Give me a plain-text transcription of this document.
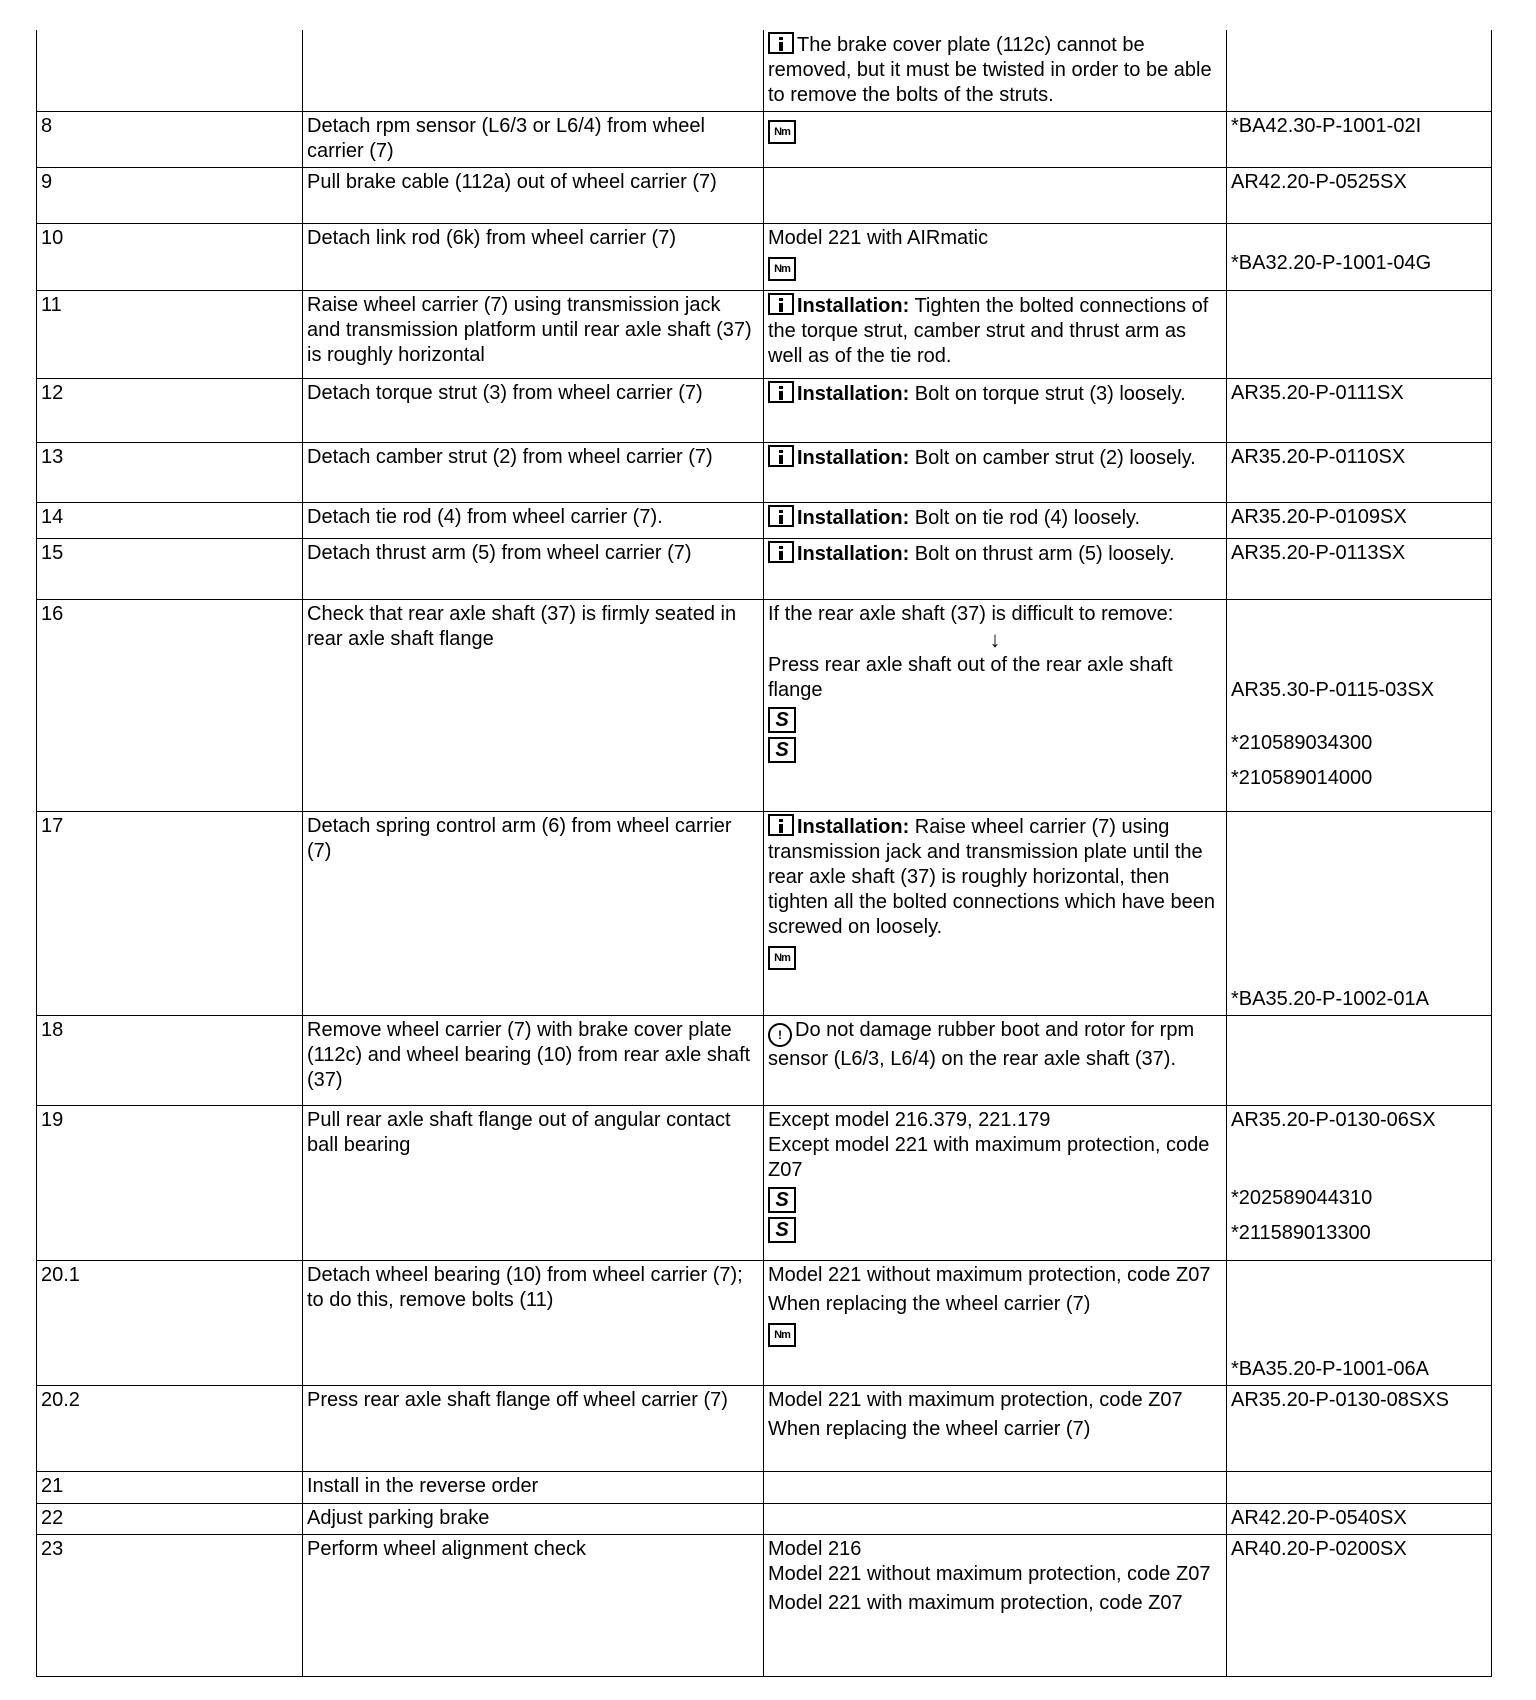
		The brake cover plate (112c) cannot be removed, but it must be twisted in order to be able to remove the bolts of the struts.	
8	Detach rpm sensor (L6/3 or L6/4) from wheel carrier (7)	Nm	*BA42.30-P-1001-02I
9	Pull brake cable (112a) out of wheel carrier (7)		AR42.20-P-0525SX
10	Detach link rod (6k) from wheel carrier (7)	Model 221 with AIRmatic
Nm	*BA32.20-P-1001-04G

11	Raise wheel carrier (7) using transmission jack and transmission platform until rear axle shaft (37) is roughly horizontal	Installation: Tighten the bolted connections of the torque strut, camber strut and thrust arm as well as of the tie rod.	
12	Detach torque strut (3) from wheel carrier (7)	Installation: Bolt on torque strut (3) loosely.	AR35.20-P-0111SX
13	Detach camber strut (2) from wheel carrier (7)	Installation: Bolt on camber strut (2) loosely.	AR35.20-P-0110SX
14	Detach tie rod (4) from wheel carrier (7).	Installation: Bolt on tie rod (4) loosely.	AR35.20-P-0109SX
15	Detach thrust arm (5) from wheel carrier (7)	Installation: Bolt on thrust arm (5) loosely.	AR35.20-P-0113SX
16	Check that rear axle shaft (37) is firmly seated in rear axle shaft flange	If the rear axle shaft (37) is difficult to remove:
↓
Press rear axle shaft out of the rear axle shaft flange
S
S	AR35.30-P-0115-03SX
*210589034300
*210589014000

17	Detach spring control arm (6) from wheel carrier (7)	Installation: Raise wheel carrier (7) using transmission jack and transmission plate until the rear axle shaft (37) is roughly horizontal, then tighten all the bolted connections which have been screwed on loosely.
Nm	*BA35.20-P-1002-01A
18	Remove wheel carrier (7) with brake cover plate (112c) and wheel bearing (10) from rear axle shaft (37)	! Do not damage rubber boot and rotor for rpm sensor (L6/3, L6/4) on the rear axle shaft (37).	
19	Pull rear axle shaft flange out of angular contact ball bearing	Except model 216.379, 221.179
Except model 221 with maximum protection, code Z07
S
S	AR35.20-P-0130-06SX
*202589044310
*211589013300

20.1	Detach wheel bearing (10) from wheel carrier (7); to do this, remove bolts (11)	Model 221 without maximum protection, code Z07
When replacing the wheel carrier (7)
Nm	*BA35.20-P-1001-06A
20.2	Press rear axle shaft flange off wheel carrier (7)	Model 221 with maximum protection, code Z07
When replacing the wheel carrier (7)	AR35.20-P-0130-08SXS
21	Install in the reverse order		
22	Adjust parking brake		AR42.20-P-0540SX
23	Perform wheel alignment check	Model 216
Model 221 without maximum protection, code Z07
Model 221 with maximum protection, code Z07	AR40.20-P-0200SX
